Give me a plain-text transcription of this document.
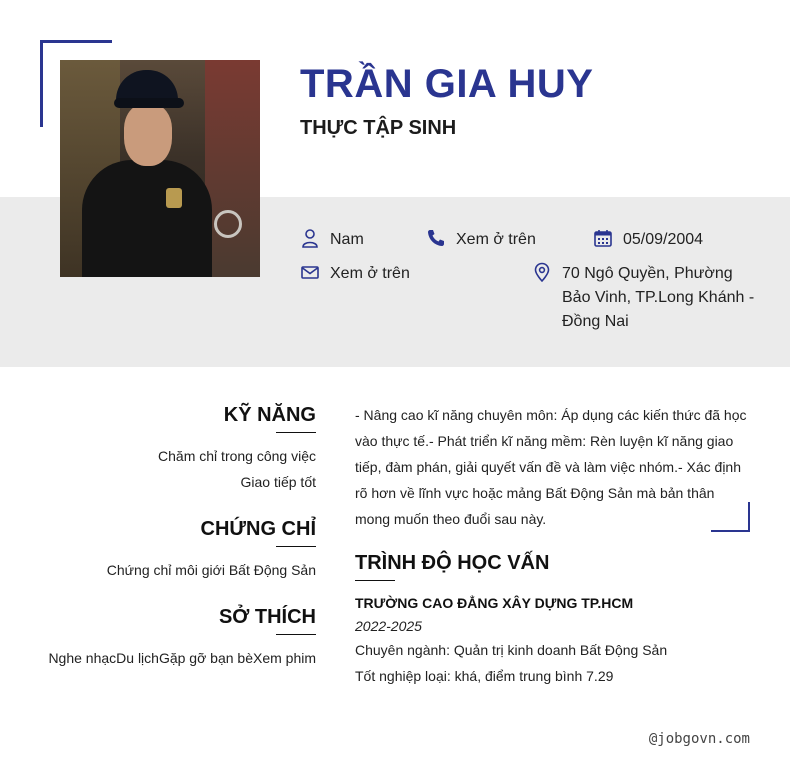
TRẦN GIA HUY
THỰC TẬP SINH
Nam	Xem ở trên	05/09/2004
Xem ở trên	70 Ngô Quyền, Phường Bảo Vinh, TP.Long Khánh - Đồng Nai
KỸ NĂNG
Chăm chỉ trong công việc
Giao tiếp tốt
CHỨNG CHỈ
Chứng chỉ môi giới Bất Động Sản
SỞ THÍCH
Nghe nhạcDu lịchGặp gỡ bạn bèXem phim
- Nâng cao kĩ năng chuyên môn: Áp dụng các kiến thức đã học vào thực tế.- Phát triển kĩ năng mềm: Rèn luyện kĩ năng giao tiếp, đàm phán, giải quyết vấn đề và làm việc nhóm.- Xác định rõ hơn về lĩnh vực hoặc mảng Bất Động Sản mà bản thân mong muốn theo đuổi sau này.
TRÌNH ĐỘ HỌC VẤN
TRƯỜNG CAO ĐẲNG XÂY DỰNG TP.HCM
2022-2025
Chuyên ngành: Quản trị kinh doanh Bất Động Sản
Tốt nghiệp loại: khá, điểm trung bình 7.29
@jobgovn.com
